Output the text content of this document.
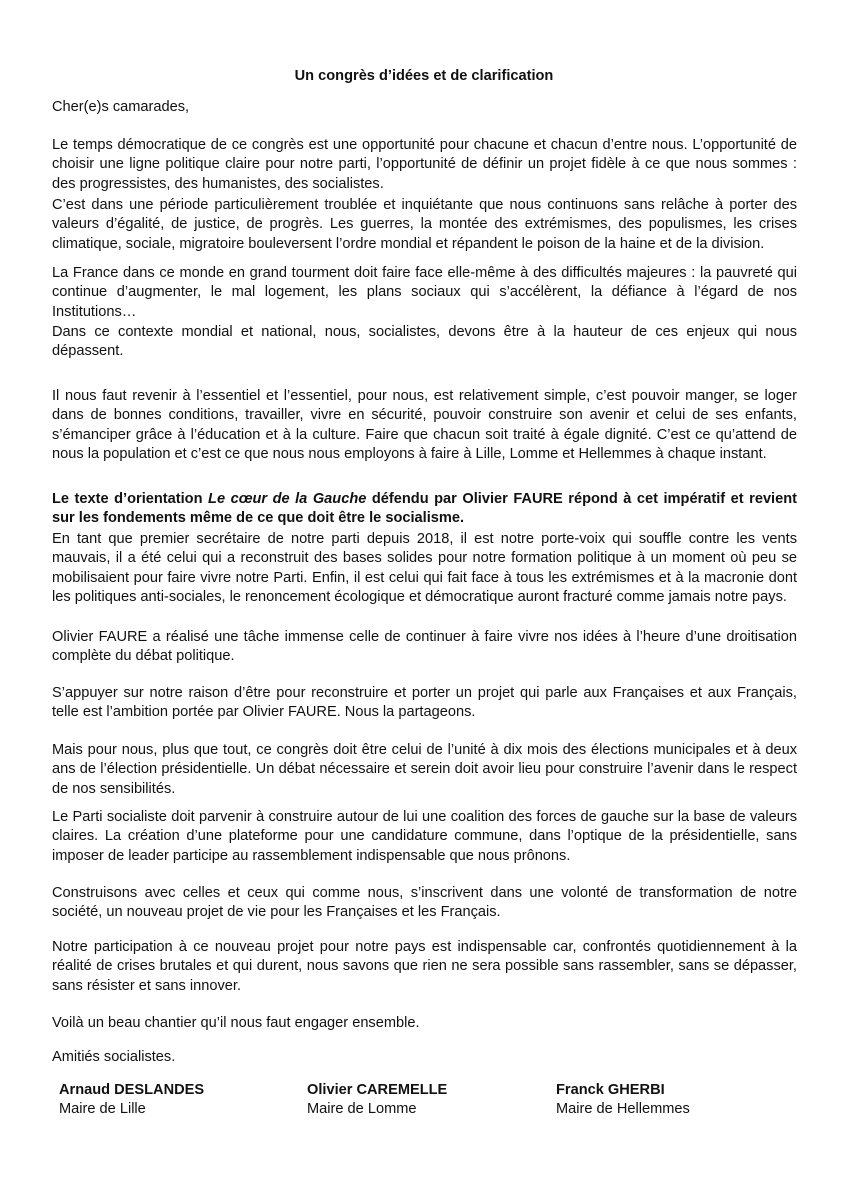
Un congrès d’idées et de clarification

Cher(e)s camarades,

Le temps démocratique de ce congrès est une opportunité pour chacune et chacun d’entre nous. L’opportunité de choisir une ligne politique claire pour notre parti, l’opportunité de définir un projet fidèle à ce que nous sommes : des progressistes, des humanistes, des socialistes.

C’est dans une période particulièrement troublée et inquiétante que nous continuons sans relâche à porter des valeurs d’égalité, de justice, de progrès. Les guerres, la montée des extrémismes, des populismes, les crises climatique, sociale, migratoire bouleversent l’ordre mondial et répandent le poison de la haine et de la division.

La France dans ce monde en grand tourment doit faire face elle-même à des difficultés majeures : la pauvreté qui continue d’augmenter, le mal logement, les plans sociaux qui s’accélèrent, la défiance à l’égard de nos Institutions…

Dans ce contexte mondial et national, nous, socialistes, devons être à la hauteur de ces enjeux qui nous dépassent.

Il nous faut revenir à l’essentiel et l’essentiel, pour nous, est relativement simple, c’est pouvoir manger, se loger dans de bonnes conditions, travailler, vivre en sécurité, pouvoir construire son avenir et celui de ses enfants, s’émanciper grâce à l’éducation et à la culture. Faire que chacun soit traité à égale dignité. C’est ce qu’attend de nous la population et c’est ce que nous nous employons à faire à Lille, Lomme et Hellemmes à chaque instant.

Le texte d’orientation Le cœur de la Gauche défendu par Olivier FAURE répond à cet impératif et revient sur les fondements même de ce que doit être le socialisme.

En tant que premier secrétaire de notre parti depuis 2018, il est notre porte-voix qui souffle contre les vents mauvais, il a été celui qui a reconstruit des bases solides pour notre formation politique à un moment où peu se mobilisaient pour faire vivre notre Parti. Enfin, il est celui qui fait face à tous les extrémismes et à la macronie dont les politiques anti-sociales, le renoncement écologique et démocratique auront fracturé comme jamais notre pays.

Olivier FAURE a réalisé une tâche immense celle de continuer à faire vivre nos idées à l’heure d’une droitisation complète du débat politique.

S’appuyer sur notre raison d’être pour reconstruire et porter un projet qui parle aux Françaises et aux Français, telle est l’ambition portée par Olivier FAURE. Nous la partageons.

Mais pour nous, plus que tout, ce congrès doit être celui de l’unité à dix mois des élections municipales et à deux ans de l’élection présidentielle. Un débat nécessaire et serein doit avoir lieu pour construire l’avenir dans le respect de nos sensibilités.

Le Parti socialiste doit parvenir à construire autour de lui une coalition des forces de gauche sur la base de valeurs claires. La création d’une plateforme pour une candidature commune, dans l’optique de la présidentielle, sans imposer de leader participe au rassemblement indispensable que nous prônons.

Construisons avec celles et ceux qui comme nous, s’inscrivent dans une volonté de transformation de notre société, un nouveau projet de vie pour les Françaises et les Français.

Notre participation à ce nouveau projet pour notre pays est indispensable car, confrontés quotidiennement à la réalité de crises brutales et qui durent, nous savons que rien ne sera possible sans rassembler, sans se dépasser, sans résister et sans innover.

Voilà un beau chantier qu’il nous faut engager ensemble.

Amitiés socialistes.

Arnaud DESLANDES
Maire de Lille
Olivier CAREMELLE
Maire de Lomme
Franck GHERBI
Maire de Hellemmes
